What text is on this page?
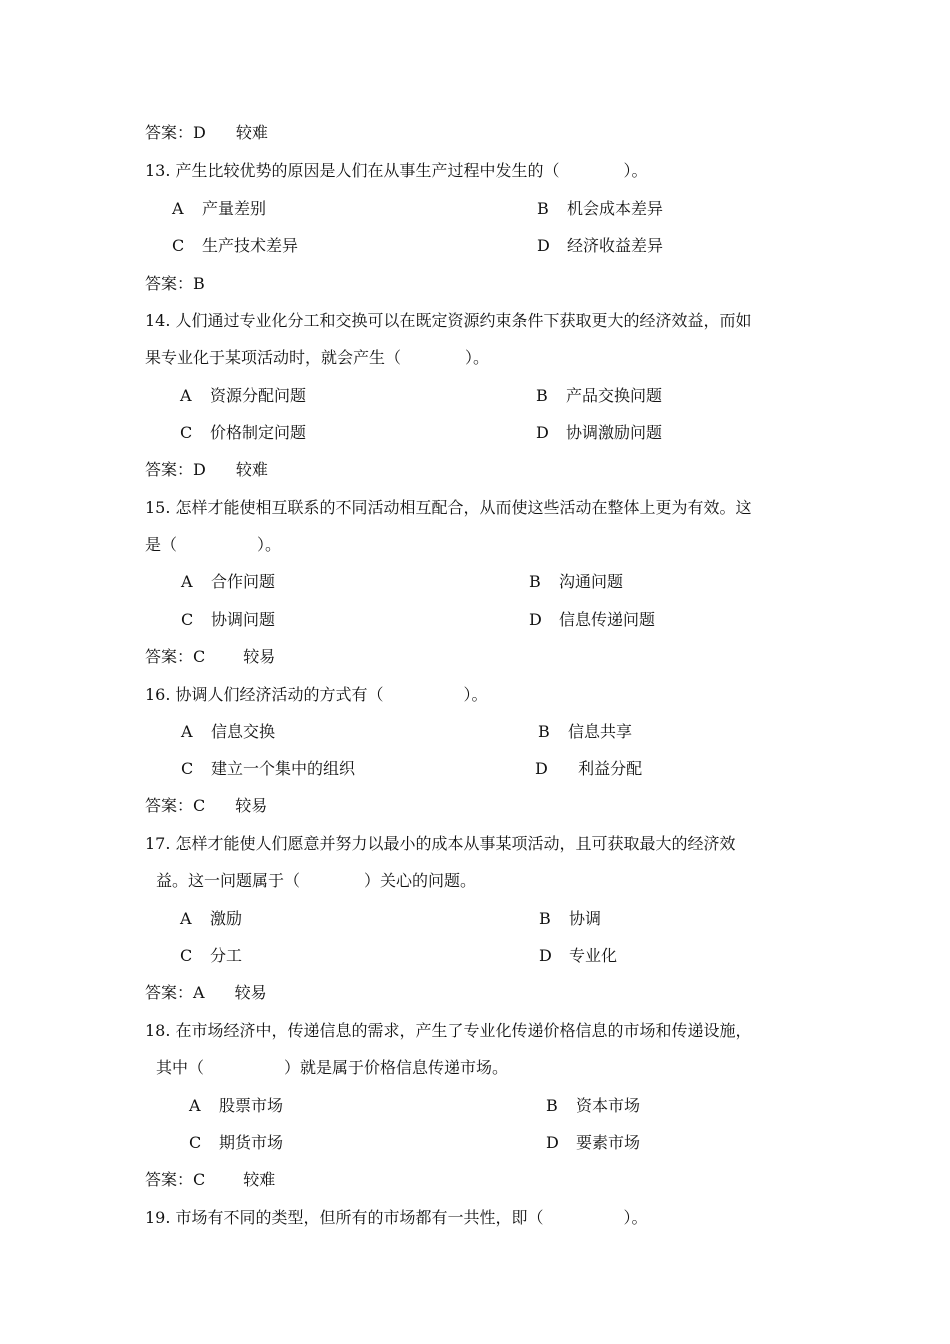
答案：D 较难
13. 产生比较优势的原因是人们在从事生产过程中发生的（　　　　）。
A 产量差别	B 机会成本差异
C 生产技术差异	D 经济收益差异
答案：B
14. 人们通过专业化分工和交换可以在既定资源约束条件下获取更大的经济效益，而如
果专业化于某项活动时，就会产生（　　　　）。
A 资源分配问题	B 产品交换问题
C 价格制定问题	D 协调激励问题
答案：D 较难
15. 怎样才能使相互联系的不同活动相互配合，从而使这些活动在整体上更为有效。这
是（　　　　　）。
A 合作问题	B 沟通问题
C 协调问题	D 信息传递问题
答案：C 较易
16. 协调人们经济活动的方式有（　　　　　）。
A 信息交换	B 信息共享
C 建立一个集中的组织	D 利益分配
答案：C 较易
17. 怎样才能使人们愿意并努力以最小的成本从事某项活动，且可获取最大的经济效
益。这一问题属于（　　　　）关心的问题。
A 激励	B 协调
C 分工	D 专业化
答案：A 较易
18. 在市场经济中，传递信息的需求，产生了专业化传递价格信息的市场和传递设施，
其中（　　　　　）就是属于价格信息传递市场。
A 股票市场	B 资本市场
C 期货市场	D 要素市场
答案：C 较难
19. 市场有不同的类型，但所有的市场都有一共性，即（　　　　　）。
